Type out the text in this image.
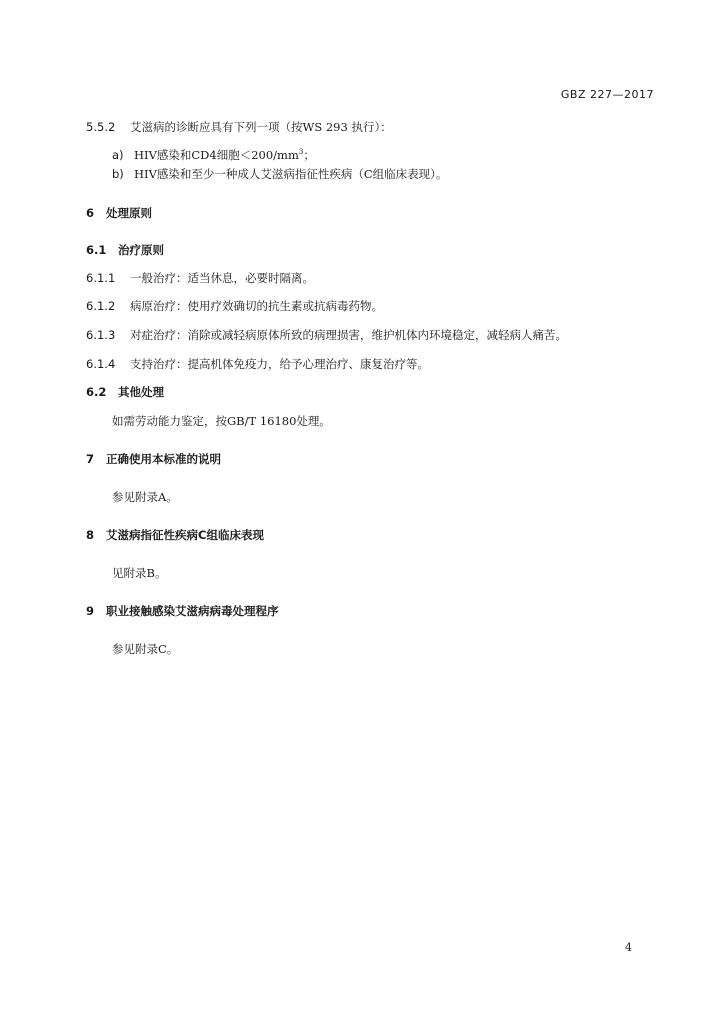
GBZ 227—2017
5.5.2 艾滋病的诊断应具有下列一项（按WS 293 执行）：
a) HIV感染和CD4细胞$<200/mm^3$；
b) HIV感染和至少一种成人艾滋病指征性疾病（C组临床表现）。
6 处理原则
6.1 治疗原则
6.1.1 一般治疗：适当休息，必要时隔离。
6.1.2 病原治疗：使用疗效确切的抗生素或抗病毒药物。
6.1.3 对症治疗：消除或减轻病原体所致的病理损害，维护机体内环境稳定，减轻病人痛苦。
6.1.4 支持治疗：提高机体免疫力，给予心理治疗、康复治疗等。
6.2 其他处理
如需劳动能力鉴定，按GB/T 16180处理。
7 正确使用本标准的说明
参见附录A。
8 艾滋病指征性疾病C组临床表现
见附录B。
9 职业接触感染艾滋病病毒处理程序
参见附录C。
4
